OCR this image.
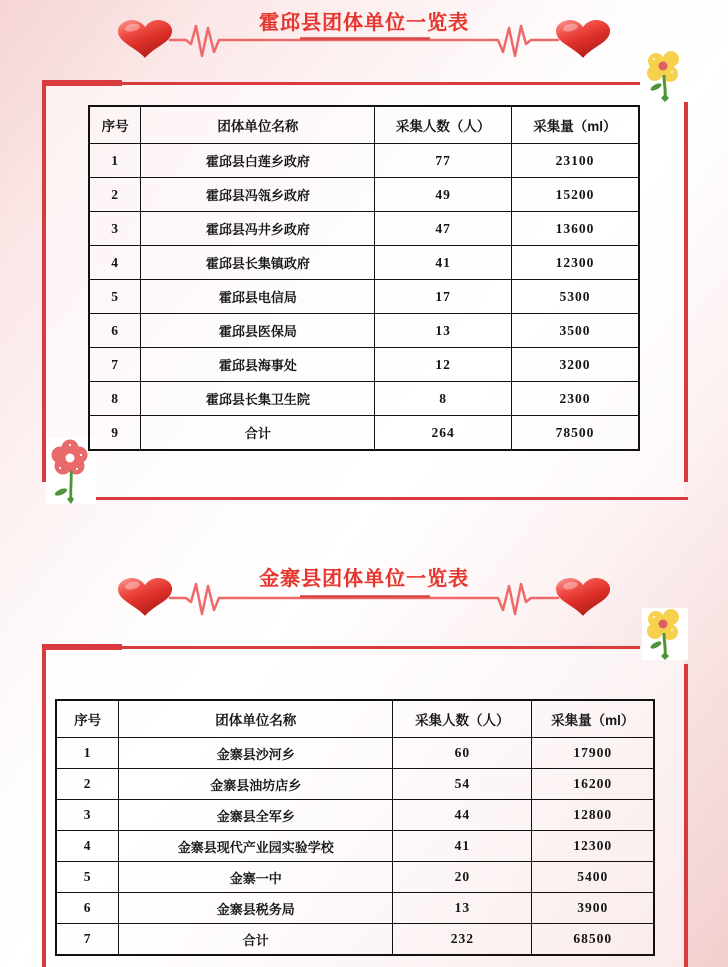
霍邱县团体单位一览表
序号	团体单位名称	采集人数（人）	采集量（ml）
1	霍邱县白莲乡政府	77	23100
2	霍邱县冯瓴乡政府	49	15200
3	霍邱县冯井乡政府	47	13600
4	霍邱县长集镇政府	41	12300
5	霍邱县电信局	17	5300
6	霍邱县医保局	13	3500
7	霍邱县海事处	12	3200
8	霍邱县长集卫生院	8	2300
9	合计	264	78500
金寨县团体单位一览表
序号	团体单位名称	采集人数（人）	采集量（ml）
1	金寨县沙河乡	60	17900
2	金寨县油坊店乡	54	16200
3	金寨县全军乡	44	12800
4	金寨县现代产业园实验学校	41	12300
5	金寨一中	20	5400
6	金寨县税务局	13	3900
7	合计	232	68500
